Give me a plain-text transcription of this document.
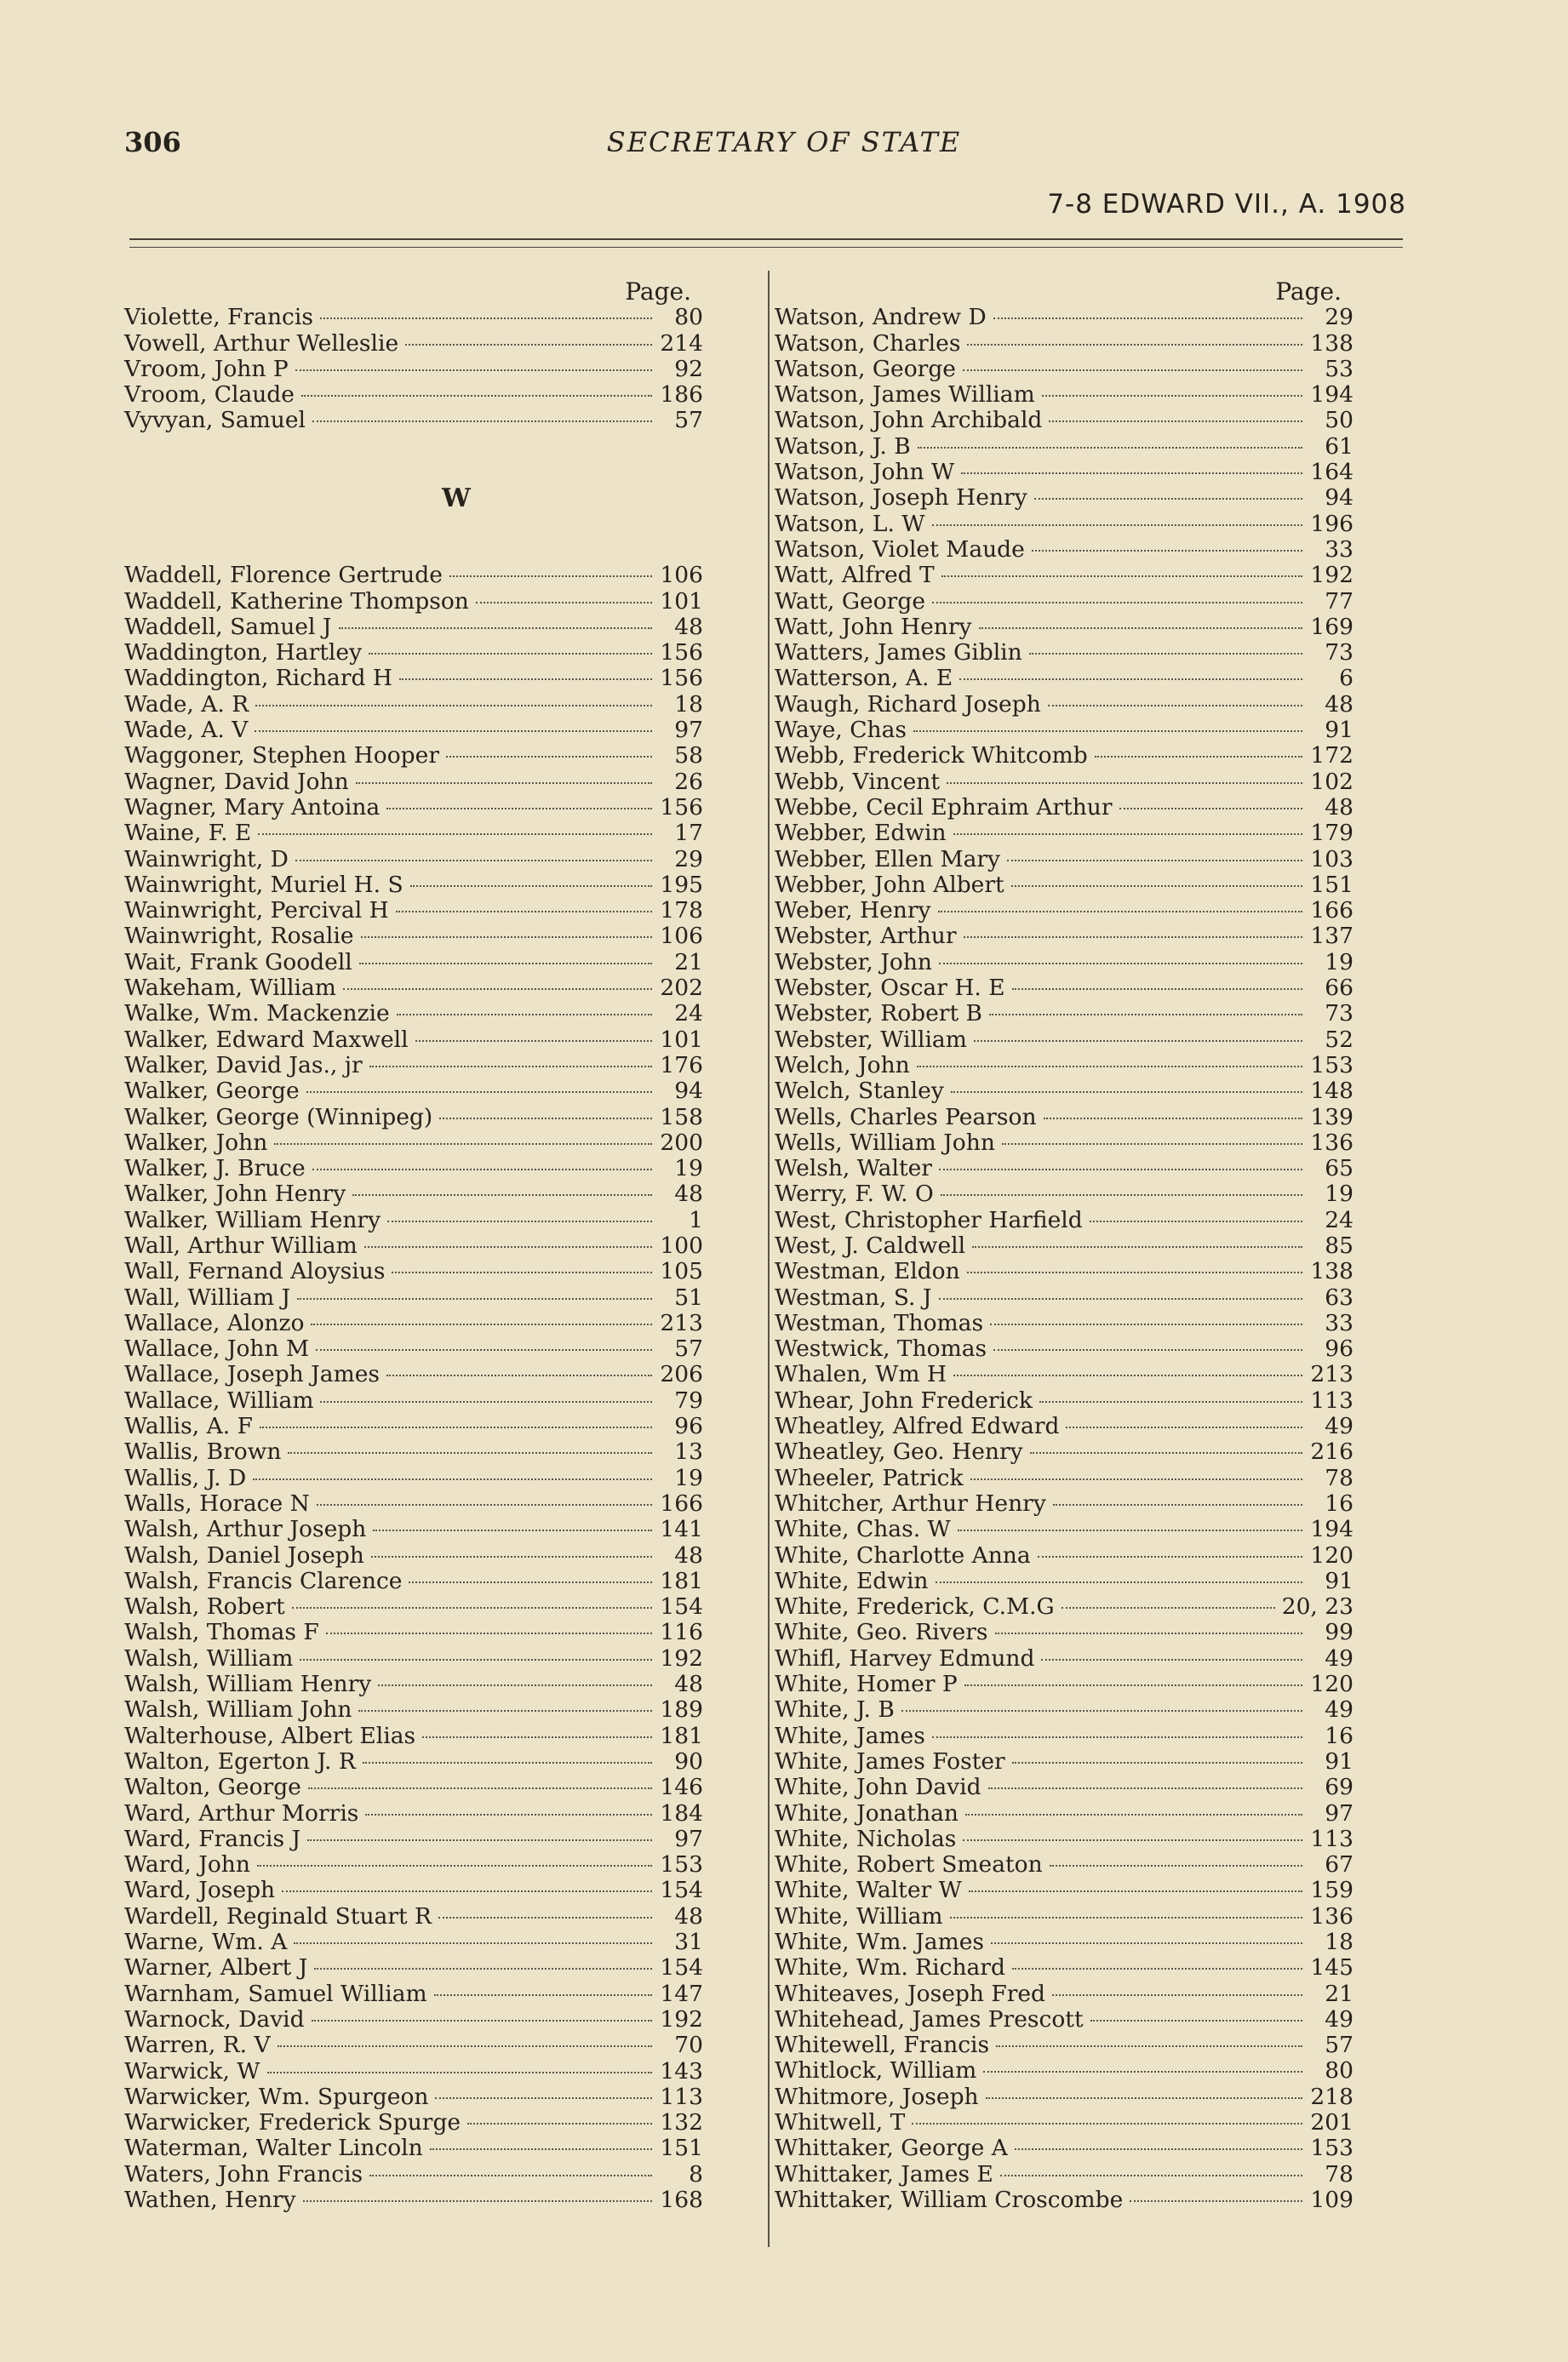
306	SECRETARY OF STATE
7-8 EDWARD VII., A. 1908
Page.
Violette, Francis	80
Vowell, Arthur Wellesliе	214
Vroom, John P	92
Vroom, Claude	186
Vyvyan, Samuel	57
W
Waddell, Florence Gertrude	106
Waddell, Katherine Thompson	101
Waddell, Samuel J	48
Waddington, Hartley	156
Waddington, Richard H	156
Wade, A. R	18
Wade, A. V	97
Waggoner, Stephen Hooper	58
Wagner, David John	26
Wagner, Mary Antoina	156
Waine, F. E	17
Wainwright, D	29
Wainwright, Muriel H. S	195
Wainwright, Percival H	178
Wainwright, Rosalie	106
Wait, Frank Goodell	21
Wakeham, William	202
Walke, Wm. Mackenzie	24
Walker, Edward Maxwell	101
Walker, David Jas., jr	176
Walker, George	94
Walker, George (Winnipeg)	158
Walker, John	200
Walker, J. Bruce	19
Walker, John Henry	48
Walker, William Henry	1
Wall, Arthur William	100
Wall, Fernand Aloysius	105
Wall, William J	51
Wallace, Alonzo	213
Wallace, John M	57
Wallace, Joseph James	206
Wallace, William	79
Wallis, A. F	96
Wallis, Brown	13
Wallis, J. D	19
Walls, Horace N	166
Walsh, Arthur Joseph	141
Walsh, Daniel Joseph	48
Walsh, Francis Clarence	181
Walsh, Robert	154
Walsh, Thomas F	116
Walsh, William	192
Walsh, William Henry	48
Walsh, William John	189
Walterhouse, Albert Elias	181
Walton, Egerton J. R	90
Walton, George	146
Ward, Arthur Morris	184
Ward, Francis J	97
Ward, John	153
Ward, Joseph	154
Wardell, Reginald Stuart R	48
Warne, Wm. A	31
Warner, Albert J	154
Warnham, Samuel William	147
Warnock, David	192
Warren, R. V	70
Warwick, W	143
Warwicker, Wm. Spurgeon	113
Warwicker, Frederick Spurge	132
Waterman, Walter Lincoln	151
Waters, John Francis	8
Wathen, Henry	168
Page.
Watson, Andrew D	29
Watson, Charles	138
Watson, George	53
Watson, James William	194
Watson, John Archibald	50
Watson, J. B	61
Watson, John W	164
Watson, Joseph Henry	94
Watson, L. W	196
Watson, Violet Maude	33
Watt, Alfred T	192
Watt, George	77
Watt, John Henry	169
Watters, James Giblin	73
Watterson, A. E	6
Waugh, Richard Joseph	48
Waye, Chas	91
Webb, Frederick Whitcomb	172
Webb, Vincent	102
Webbe, Cecil Ephraim Arthur	48
Webber, Edwin	179
Webber, Ellen Mary	103
Webber, John Albert	151
Weber, Henry	166
Webster, Arthur	137
Webster, John	19
Webster, Oscar H. E	66
Webster, Robert B	73
Webster, William	52
Welch, John	153
Welch, Stanley	148
Wells, Charles Pearson	139
Wells, William John	136
Welsh, Walter	65
Werry, F. W. O	19
West, Christopher Harfield	24
West, J. Caldwell	85
Westman, Eldon	138
Westman, S. J	63
Westman, Thomas	33
Westwick, Thomas	96
Whalen, Wm H	213
Whear, John Frederick	113
Wheatley, Alfred Edward	49
Wheatley, Geo. Henry	216
Wheeler, Patrick	78
Whitcher, Arthur Henry	16
White, Chas. W	194
White, Charlotte Anna	120
White, Edwin	91
White, Frederick, C.M.G	20, 23
White, Geo. Rivers	99
Whifl, Harvey Edmund	49
White, Homer P	120
White, J. B	49
White, James	16
White, James Foster	91
White, John David	69
White, Jonathan	97
White, Nicholas	113
White, Robert Smeaton	67
White, Walter W	159
White, William	136
White, Wm. James	18
White, Wm. Richard	145
Whiteaves, Joseph Fred	21
Whitehead, James Prescott	49
Whitewell, Francis	57
Whitlock, William	80
Whitmore, Joseph	218
Whitwell, T	201
Whittaker, George A	153
Whittaker, James E	78
Whittaker, William Croscombe	109
